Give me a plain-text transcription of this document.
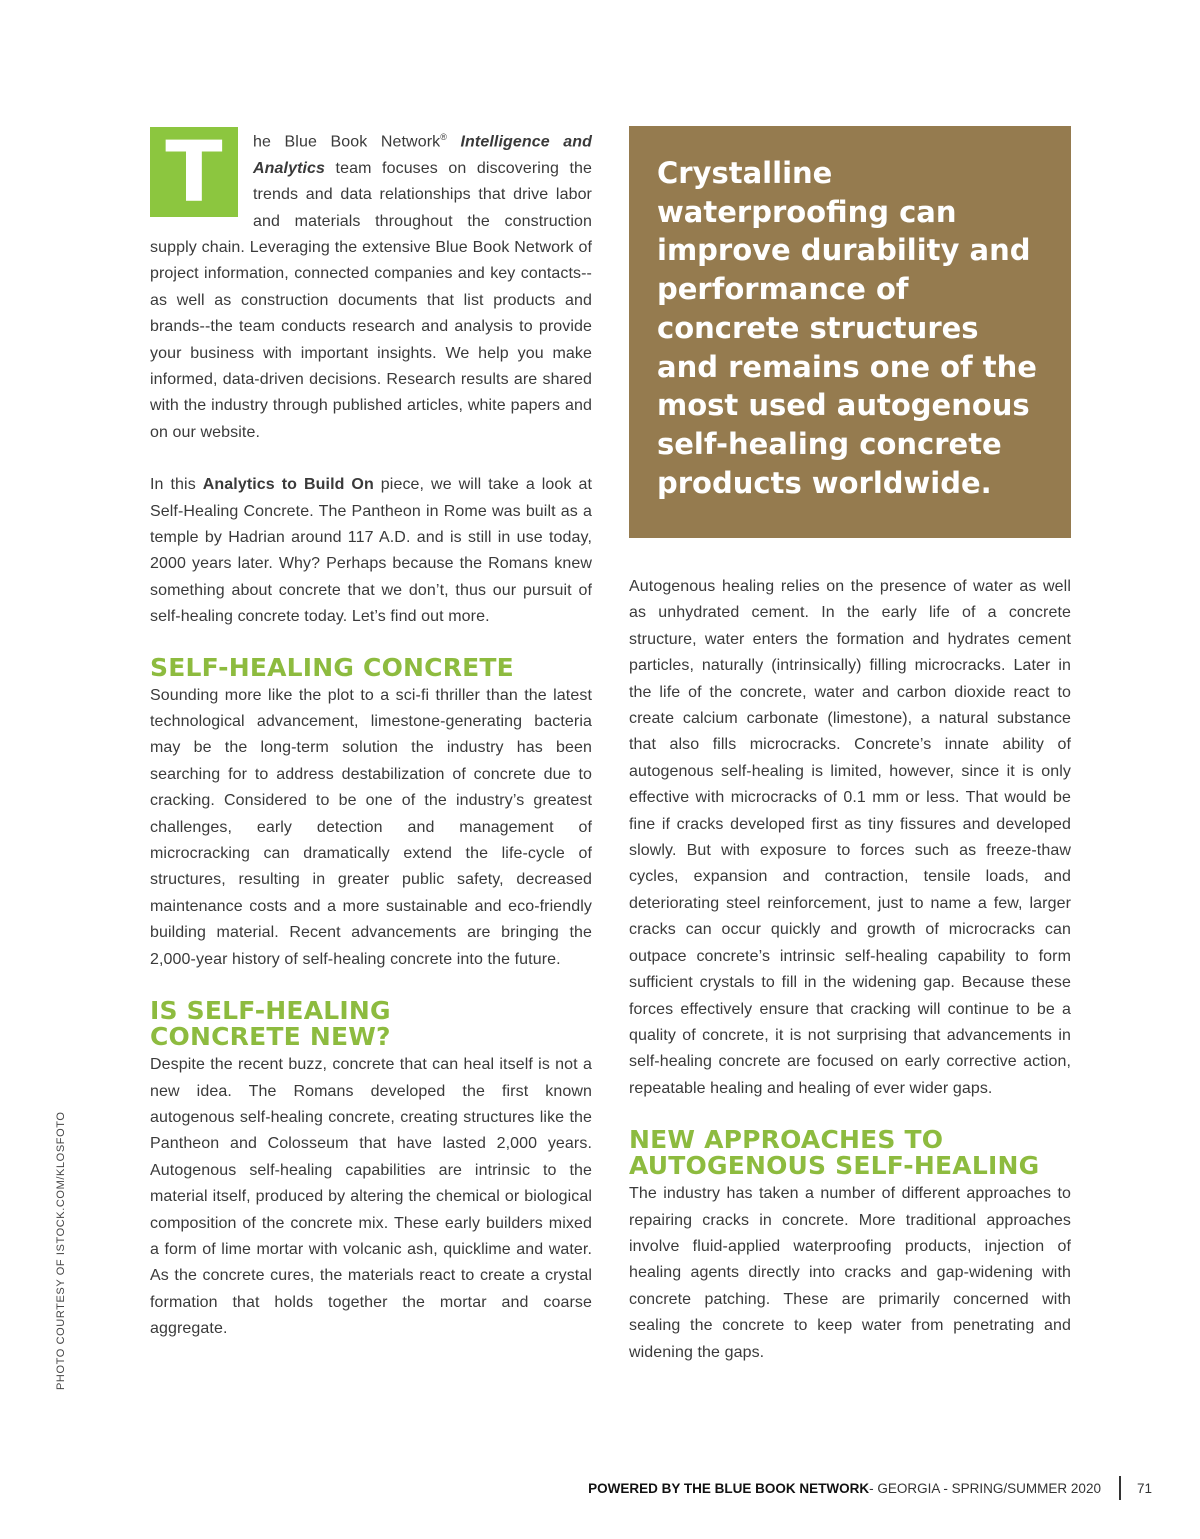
T	he Blue Book Network® Intelligence and Analytics team focuses on discovering the trends and data relationships that drive labor and materials throughout the construction supply chain. Leveraging the extensive Blue Book Network of project information, connected companies and key contacts--as well as construction documents that list products and brands--the team conducts research and analysis to provide your business with important insights. We help you make informed, data-driven decisions. Research results are shared with the industry through published articles, white papers and on our website.

In this Analytics to Build On piece, we will take a look at Self-Healing Concrete. The Pantheon in Rome was built as a temple by Hadrian around 117 A.D. and is still in use today, 2000 years later. Why? Perhaps because the Romans knew something about concrete that we don’t, thus our pursuit of self-healing concrete today. Let’s find out more.

SELF-HEALING CONCRETE

Sounding more like the plot to a sci-fi thriller than the latest technological advancement, limestone-generating bacteria may be the long-term solution the industry has been searching for to address destabilization of concrete due to cracking. Considered to be one of the industry’s greatest challenges, early detection and management of microcracking can dramatically extend the life-cycle of structures, resulting in greater public safety, decreased maintenance costs and a more sustainable and eco-friendly building material. Recent advancements are bringing the 2,000-year history of self-healing concrete into the future.

IS SELF-HEALING
CONCRETE NEW?

Despite the recent buzz, concrete that can heal itself is not a new idea. The Romans developed the first known autogenous self-healing concrete, creating structures like the Pantheon and Colosseum that have lasted 2,000 years. Autogenous self-healing capabilities are intrinsic to the material itself, produced by altering the chemical or biological composition of the concrete mix. These early builders mixed a form of lime mortar with volcanic ash, quicklime and water. As the concrete cures, the materials react to create a crystal formation that holds together the mortar and coarse aggregate.

Crystalline waterproofing can improve durability and performance of concrete structures and remains one of the most used autogenous self-healing concrete products worldwide.

Autogenous healing relies on the presence of water as well as unhydrated cement. In the early life of a concrete structure, water enters the formation and hydrates cement particles, naturally (intrinsically) filling microcracks. Later in the life of the concrete, water and carbon dioxide react to create calcium carbonate (limestone), a natural substance that also fills microcracks. Concrete’s innate ability of autogenous self-healing is limited, however, since it is only effective with microcracks of 0.1 mm or less. That would be fine if cracks developed first as tiny fissures and developed slowly. But with exposure to forces such as freeze-thaw cycles, expansion and contraction, tensile loads, and deteriorating steel reinforcement, just to name a few, larger cracks can occur quickly and growth of microcracks can outpace concrete’s intrinsic self-healing capability to form sufficient crystals to fill in the widening gap. Because these forces effectively ensure that cracking will continue to be a quality of concrete, it is not surprising that advancements in self-healing concrete are focused on early corrective action, repeatable healing and healing of ever wider gaps.

NEW APPROACHES TO
AUTOGENOUS SELF-HEALING

The industry has taken a number of different approaches to repairing cracks in concrete. More traditional approaches involve fluid-applied waterproofing products, injection of healing agents directly into cracks and gap-widening with concrete patching. These are primarily concerned with sealing the concrete to keep water from penetrating and widening the gaps.

PHOTO COURTESY OF ISTOCK.COM/KLOSFOTO
POWERED BY THE BLUE BOOK NETWORK - GEORGIA - SPRING/SUMMER 2020	71
